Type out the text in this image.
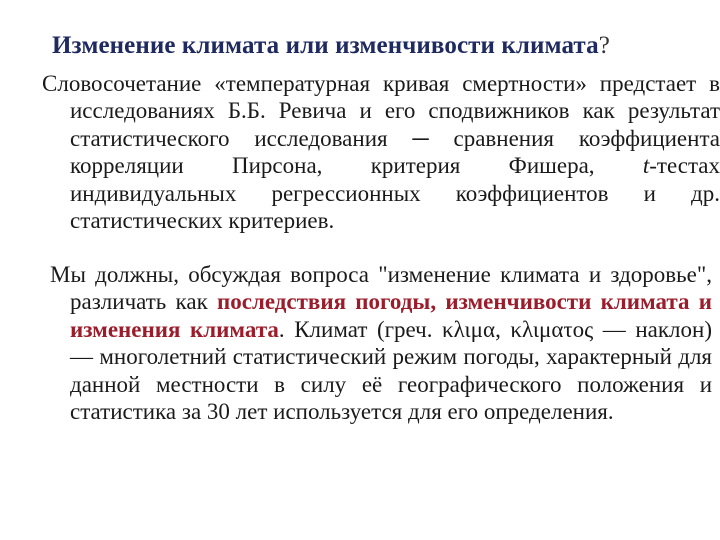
Изменение климата или изменчивости климата?
Словосочетание «температурная кривая смертности» предстает в исследованиях Б.Б. Ревича и его сподвижников как результат статистического исследования ─ сравнения коэффициента корреляции Пирсона, критерия Фишера, t-тестах индивидуальных регрессионных коэффициентов и др. статистических критериев.
Мы должны, обсуждая вопроса "изменение климата и здоровье", различать как последствия погоды, изменчивости климата и изменения климата. Климат (греч. κλιμα, κλιματος — наклон) — многолетний статистический режим погоды, характерный для данной местности в силу её географического положения и статистика за 30 лет используется для его определения.
